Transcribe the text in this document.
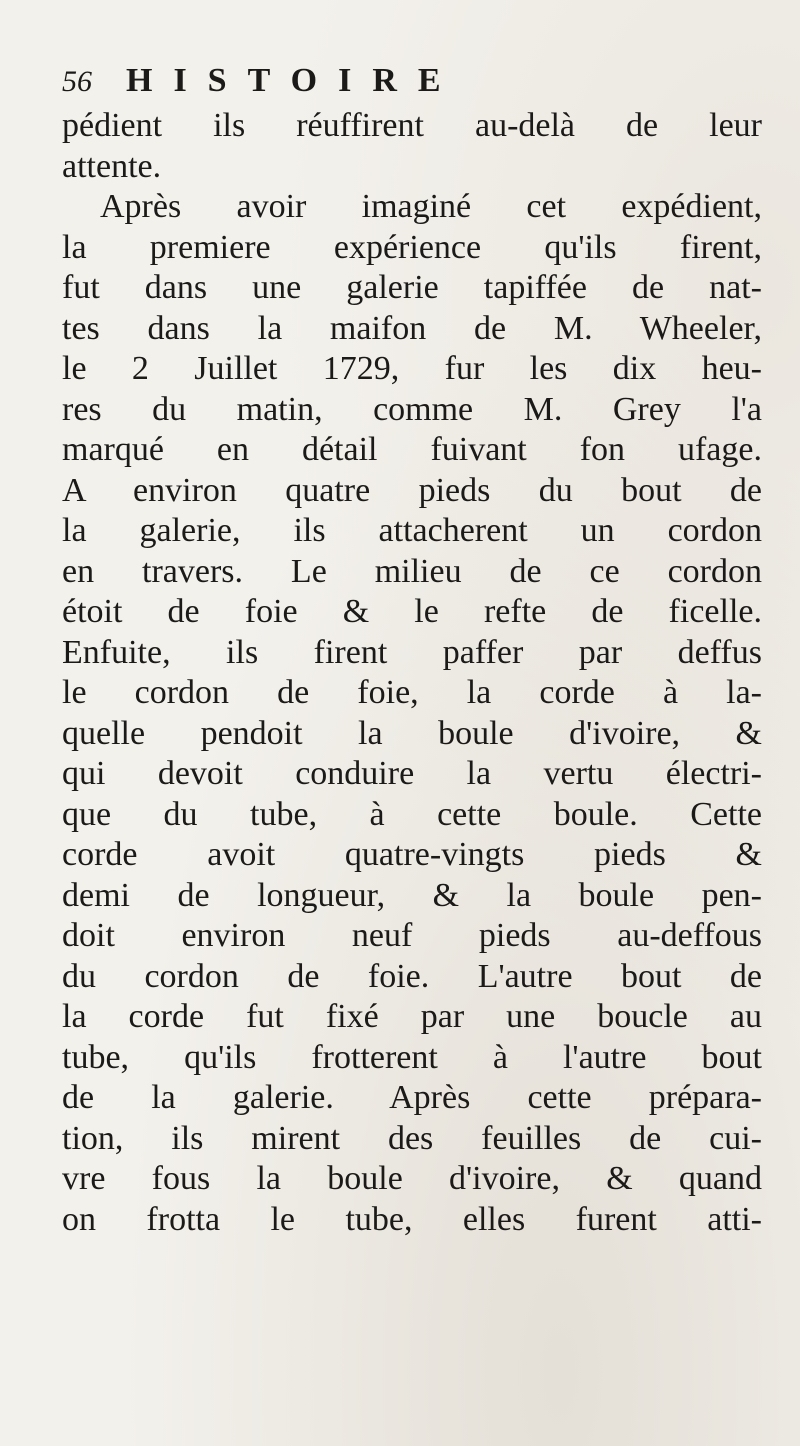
56 HISTOIRE
pédient ils réuffirent au-delà de leur
attente.
Après avoir imaginé cet expédient,
la premiere expérience qu'ils firent,
fut dans une galerie tapiffée de nat-
tes dans la maifon de M. Wheeler,
le 2 Juillet 1729, fur les dix heu-
res du matin, comme M. Grey l'a
marqué en détail fuivant fon ufage.
A environ quatre pieds du bout de
la galerie, ils attacherent un cordon
en travers. Le milieu de ce cordon
étoit de foie & le refte de ficelle.
Enfuite, ils firent paffer par deffus
le cordon de foie, la corde à la-
quelle pendoit la boule d'ivoire, &
qui devoit conduire la vertu électri-
que du tube, à cette boule. Cette
corde avoit quatre-vingts pieds &
demi de longueur, & la boule pen-
doit environ neuf pieds au-deffous
du cordon de foie. L'autre bout de
la corde fut fixé par une boucle au
tube, qu'ils frotterent à l'autre bout
de la galerie. Après cette prépara-
tion, ils mirent des feuilles de cui-
vre fous la boule d'ivoire, & quand
on frotta le tube, elles furent atti-
